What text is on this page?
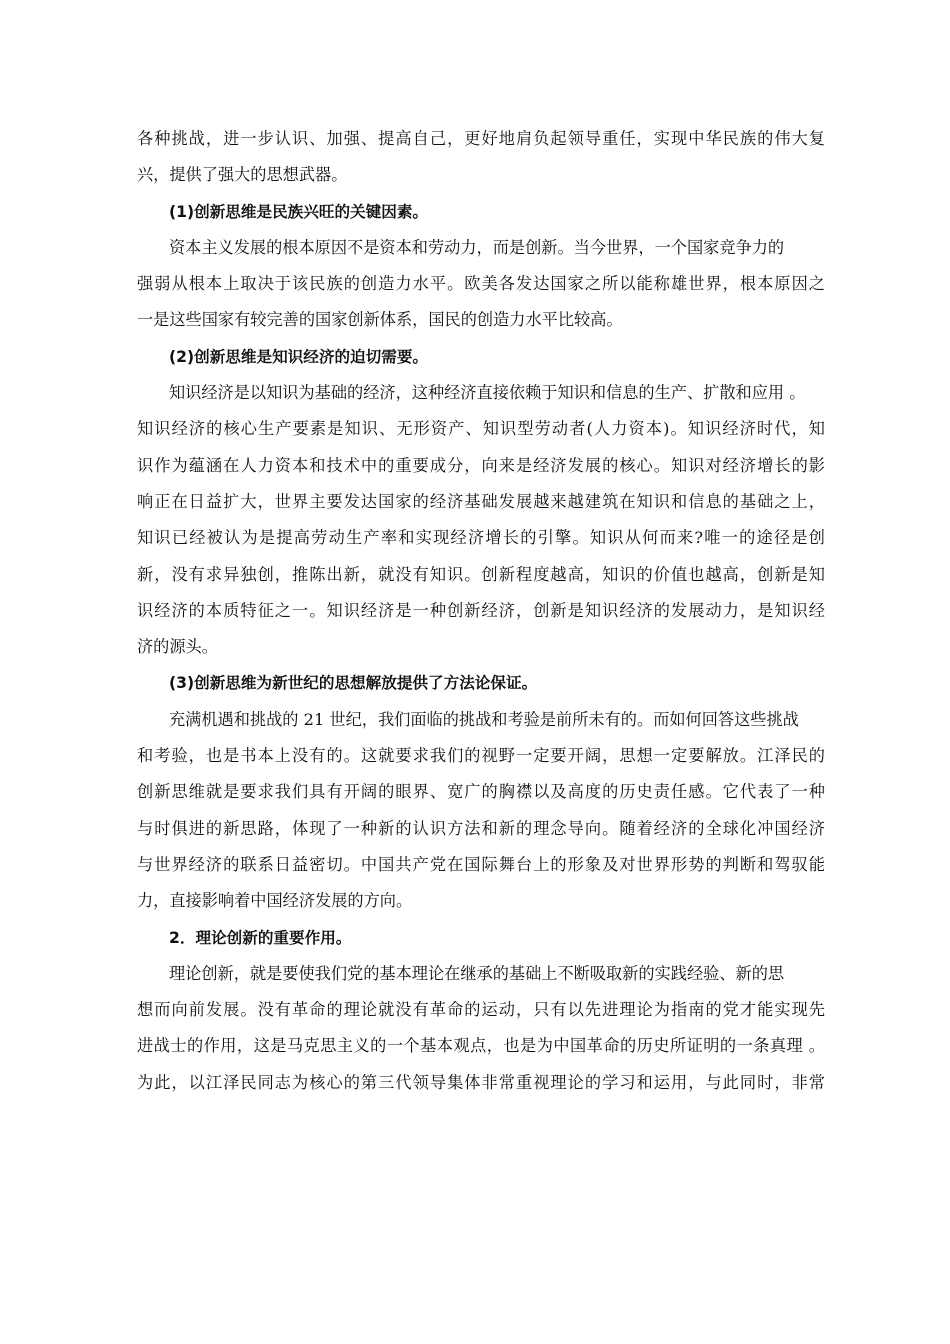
各种挑战，进一步认识、加强、提高自己，更好地肩负起领导重任，实现中华民族的伟大复
兴，提供了强大的思想武器。
(1)创新思维是民族兴旺的关键因素。
资本主义发展的根本原因不是资本和劳动力，而是创新。当今世界，一个国家竞争力的
强弱从根本上取决于该民族的创造力水平。欧美各发达国家之所以能称雄世界，根本原因之
一是这些国家有较完善的国家创新体系，国民的创造力水平比较高。
(2)创新思维是知识经济的迫切需要。
知识经济是以知识为基础的经济，这种经济直接依赖于知识和信息的生产、扩散和应用 。
知识经济的核心生产要素是知识、无形资产、知识型劳动者(人力资本)。知识经济时代，知
识作为蕴涵在人力资本和技术中的重要成分，向来是经济发展的核心。知识对经济增长的影
响正在日益扩大，世界主要发达国家的经济基础发展越来越建筑在知识和信息的基础之上，
知识已经被认为是提高劳动生产率和实现经济增长的引擎。知识从何而来?唯一的途径是创
新，没有求异独创，推陈出新，就没有知识。创新程度越高，知识的价值也越高，创新是知
识经济的本质特征之一。知识经济是一种创新经济，创新是知识经济的发展动力，是知识经
济的源头。
(3)创新思维为新世纪的思想解放提供了方法论保证。
充满机遇和挑战的 21 世纪，我们面临的挑战和考验是前所未有的。而如何回答这些挑战
和考验，也是书本上没有的。这就要求我们的视野一定要开阔，思想一定要解放。江泽民的
创新思维就是要求我们具有开阔的眼界、宽广的胸襟以及高度的历史责任感。它代表了一种
与时俱进的新思路，体现了一种新的认识方法和新的理念导向。随着经济的全球化冲国经济
与世界经济的联系日益密切。中国共产党在国际舞台上的形象及对世界形势的判断和驾驭能
力，直接影响着中国经济发展的方向。
2．理论创新的重要作用。
理论创新，就是要使我们党的基本理论在继承的基础上不断吸取新的实践经验、新的思
想而向前发展。没有革命的理论就没有革命的运动，只有以先进理论为指南的党才能实现先
进战士的作用，这是马克思主义的一个基本观点，也是为中国革命的历史所证明的一条真理 。
为此，以江泽民同志为核心的第三代领导集体非常重视理论的学习和运用，与此同时，非常
